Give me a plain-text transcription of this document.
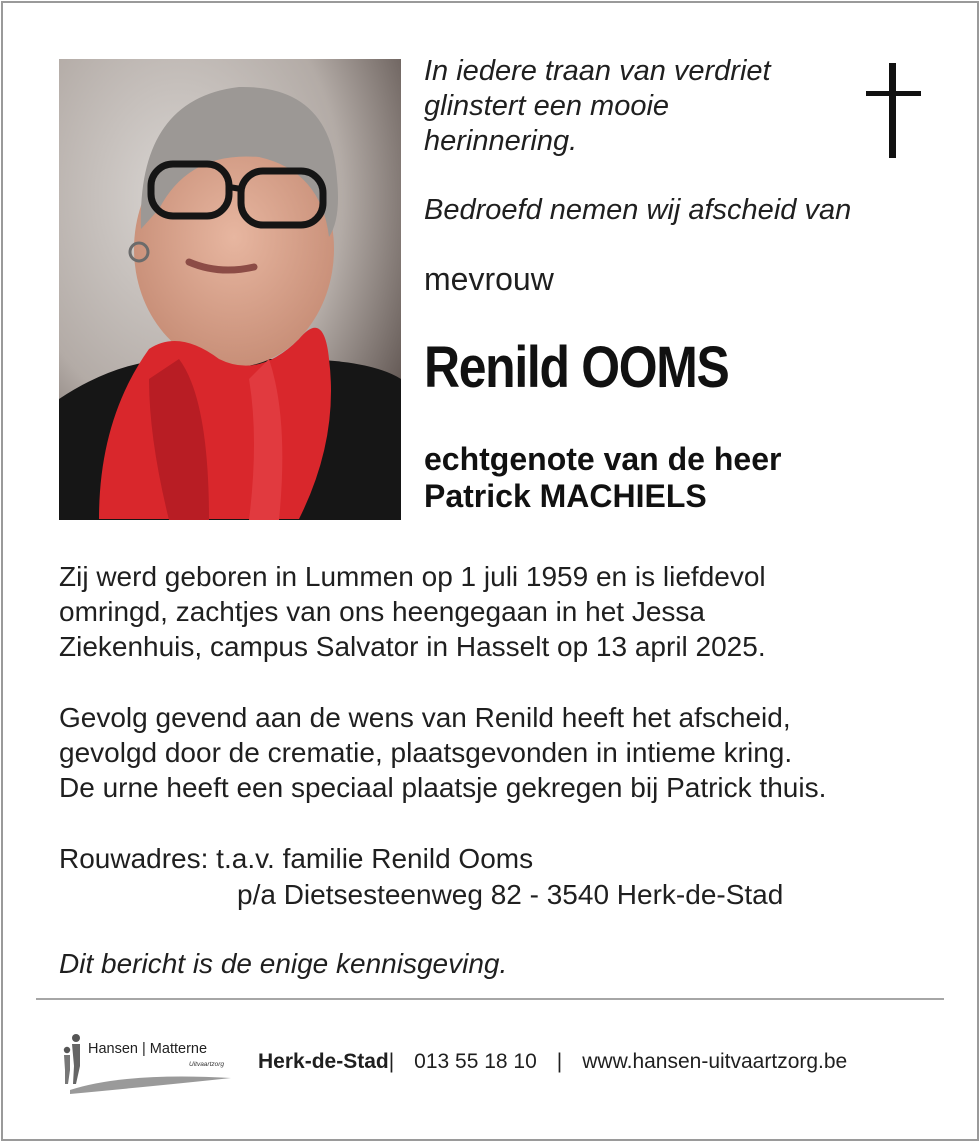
In iedere traan van verdriet
glinstert een mooie
herinnering.
Bedroefd nemen wij afscheid van
mevrouw
Renild OOMS
echtgenote van de heer
Patrick MACHIELS
Zij werd geboren in Lummen op 1 juli 1959 en is liefdevol
omringd, zachtjes van ons heengegaan in het Jessa
Ziekenhuis, campus Salvator in Hasselt op 13 april 2025.
Gevolg gevend aan de wens van Renild heeft het afscheid,
gevolgd door de crematie, plaatsgevonden in intieme kring.
De urne heeft een speciaal plaatsje gekregen bij Patrick thuis.
Rouwadres: t.a.v. familie Renild Ooms
p/a Dietsesteenweg 82 - 3540 Herk-de-Stad
Dit bericht is de enige kennisgeving.
Hansen | Matterne
Uitvaartzorg Herk-de-Stad| 013 55 18 10 | www.hansen-uitvaartzorg.be
